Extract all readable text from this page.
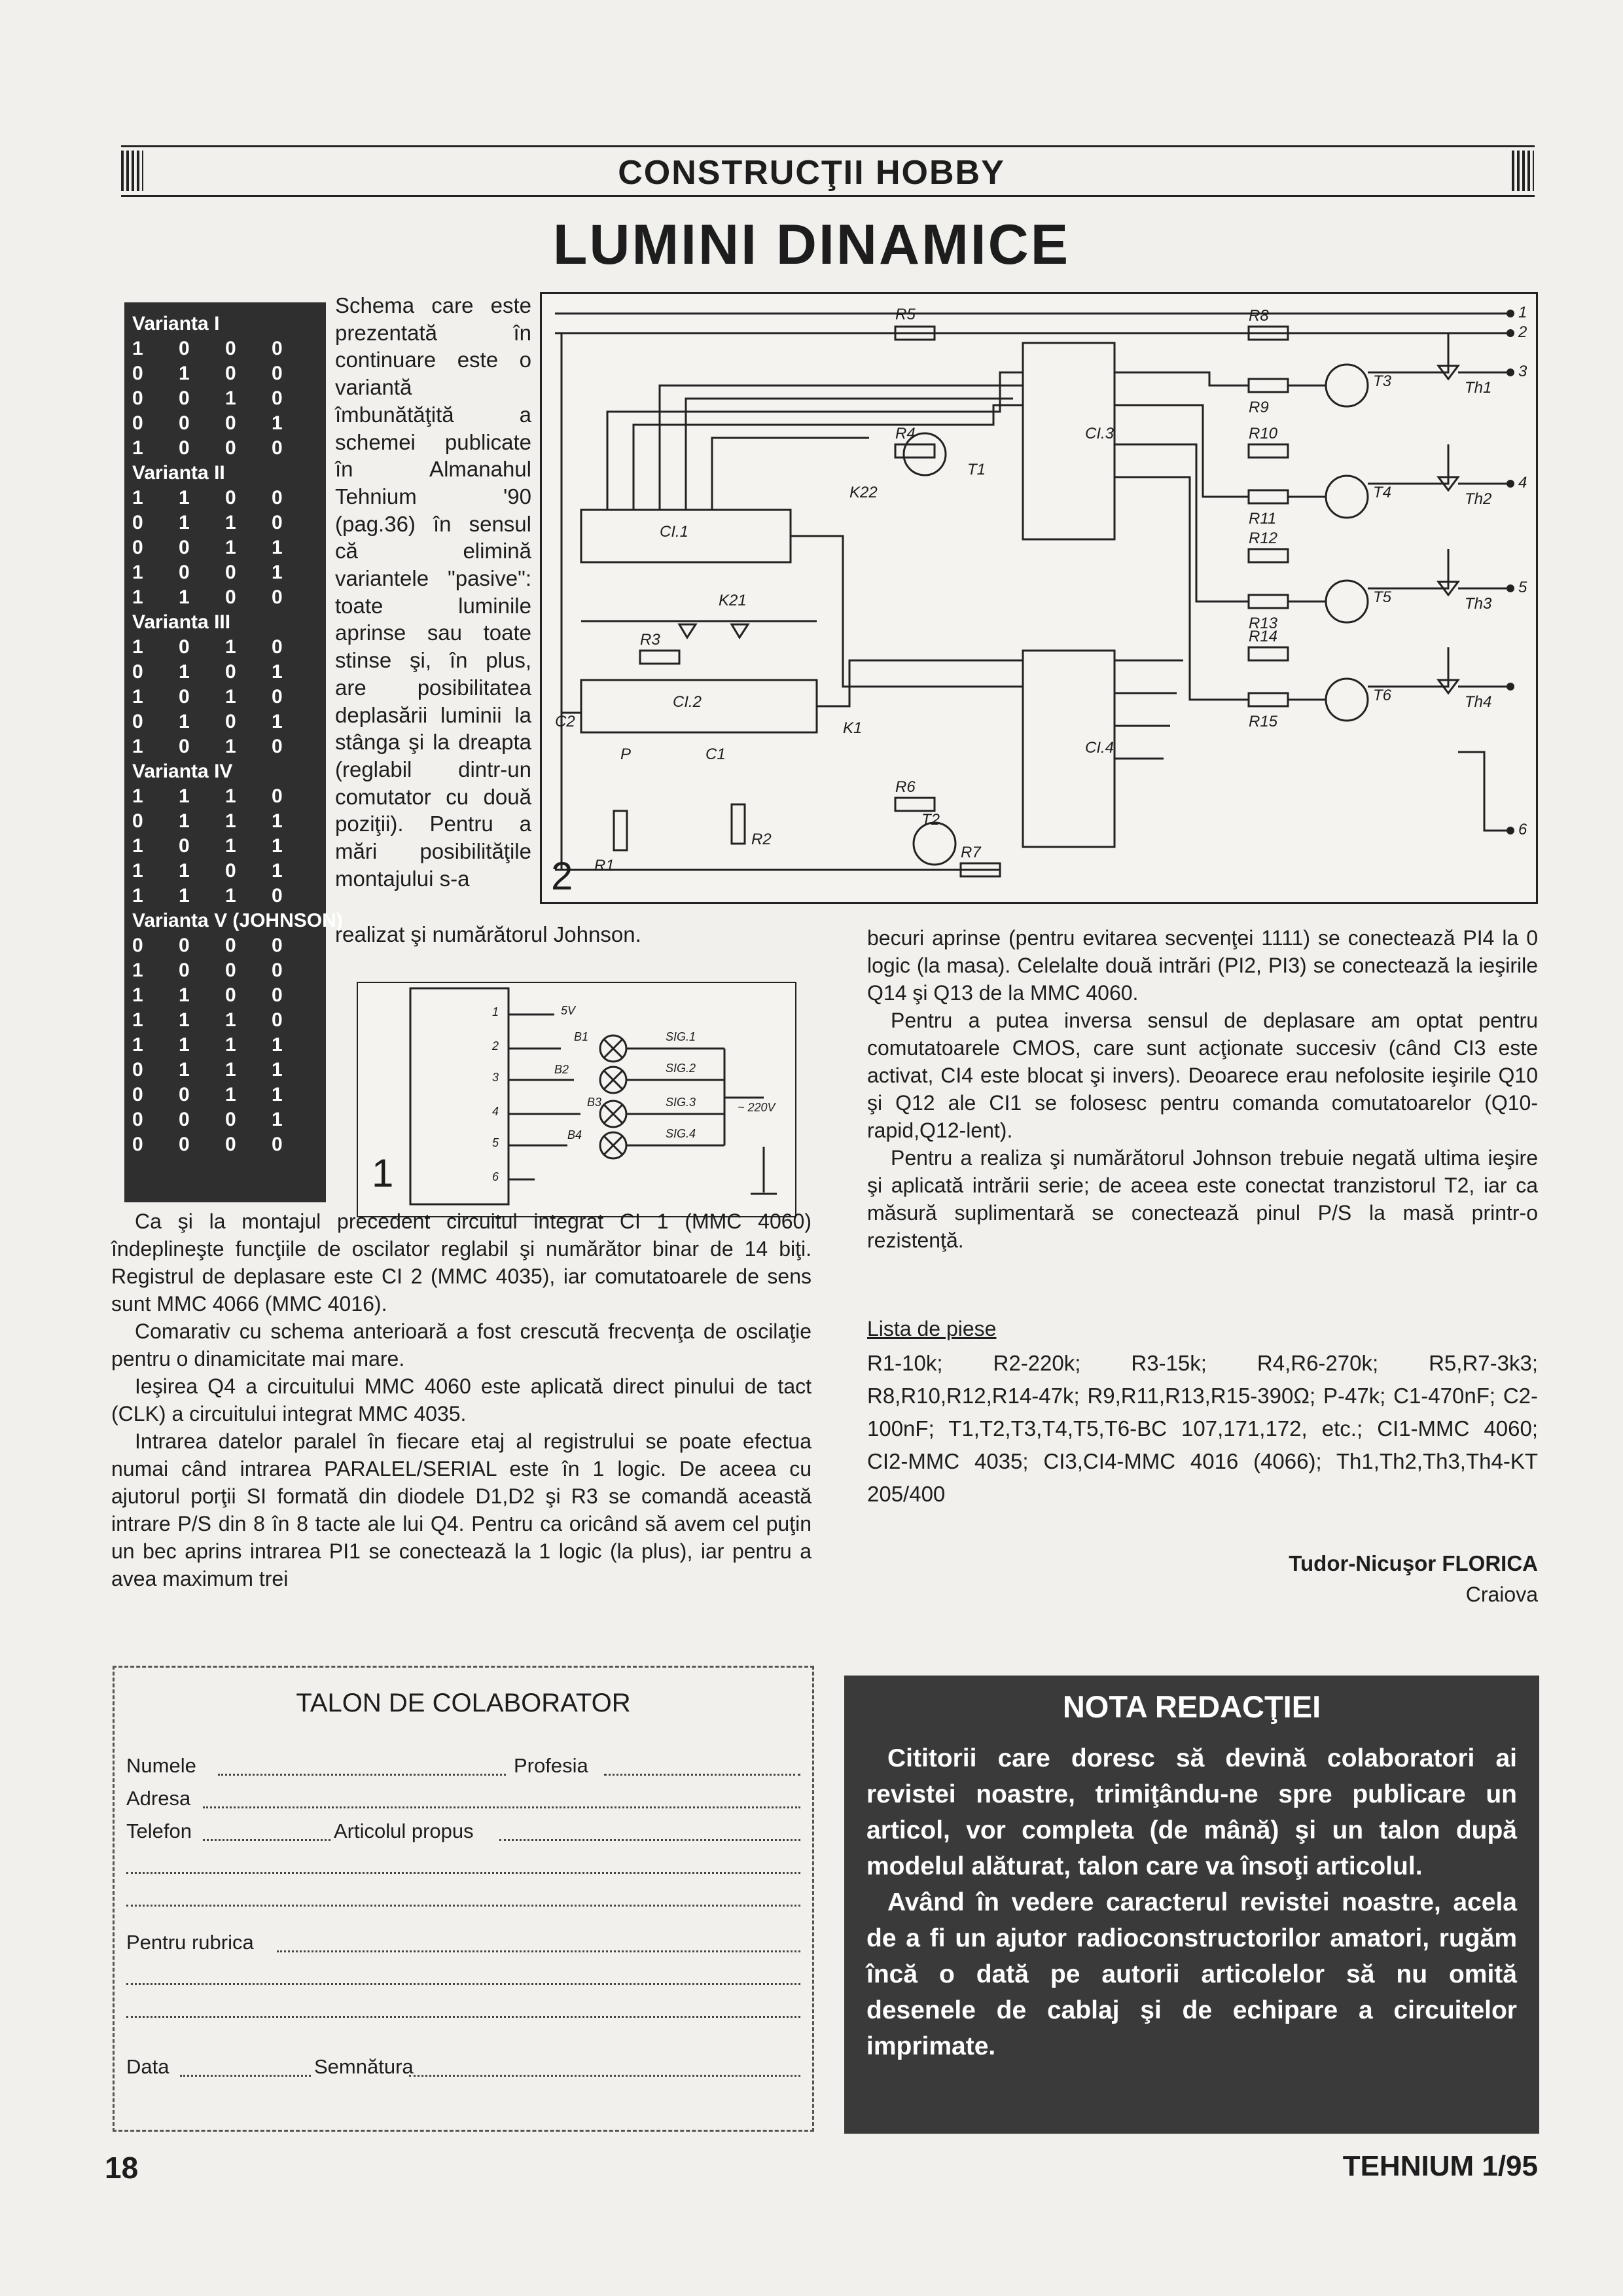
CONSTRUCŢII HOBBY
LUMINI DINAMICE
Varianta I
1	0	0	0
0	1	0	0
0	0	1	0
0	0	0	1
1	0	0	0
Varianta II
1	1	0	0
0	1	1	0
0	0	1	1
1	0	0	1
1	1	0	0
Varianta III
1	0	1	0
0	1	0	1
1	0	1	0
0	1	0	1
1	0	1	0
Varianta IV
1	1	1	0
0	1	1	1
1	0	1	1
1	1	0	1
1	1	1	0
Varianta V (JOHNSON)
0	0	0	0
1	0	0	0
1	1	0	0
1	1	1	0
1	1	1	1
0	1	1	1
0	0	1	1
0	0	0	1
0	0	0	0
Schema care este prezentată în continuare este o variantă îmbunătăţită a schemei publicate în Almanahul Tehnium '90 (pag.36) în sensul că elimină variantele "pasive": toate luminile aprinse sau toate stinse şi, în plus, are posibilitatea deplasării luminii la stânga şi la dreapta (reglabil dintr-un comutator cu două poziţii). Pentru a mări posibilităţile montajului s-a
realizat şi numărătorul Johnson.
R5
R4
R3
R6
R7
R8
R9
R10
R11
R12
R13
R14
R15
R1
R2
T1
T2
T3
T4
T5
T6
Th1
Th2
Th3
Th4
CI.1
CI.2
CI.3
CI.4
C1
C2
K21
K22
K1
P
1
2
3
4
5
6
2
5V
B1
B2
B3
B4
SIG.1
SIG.2
SIG.3
SIG.4
~ 220V
1
2
3
4
5
6
1

Ca şi la montajul precedent circuitul integrat CI 1 (MMC 4060) îndeplineşte funcţiile de oscilator reglabil şi numărător binar de 14 biţi. Registrul de deplasare este CI 2 (MMC 4035), iar comutatoarele de sens sunt MMC 4066 (MMC 4016).

Comarativ cu schema anterioară a fost crescută frecvenţa de oscilaţie pentru o dinamicitate mai mare.

Ieşirea Q4 a circuitului MMC 4060 este aplicată direct pinului de tact (CLK) a circuitului integrat MMC 4035.

Intrarea datelor paralel în fiecare etaj al registrului se poate efectua numai când intrarea PARALEL/SERIAL este în 1 logic. De aceea cu ajutorul porţii SI formată din diodele D1,D2 şi R3 se comandă această intrare P/S din 8 în 8 tacte ale lui Q4. Pentru ca oricând să avem cel puţin un bec aprins intrarea PI1 se conectează la 1 logic (la plus), iar pentru a avea maximum trei

becuri aprinse (pentru evitarea secvenţei 1111) se conectează PI4 la 0 logic (la masa). Celelalte două intrări (PI2, PI3) se conectează la ieşirile Q14 şi Q13 de la MMC 4060.

Pentru a putea inversa sensul de deplasare am optat pentru comutatoarele CMOS, care sunt acţionate succesiv (când CI3 este activat, CI4 este blocat şi invers). Deoarece erau nefolosite ieşirile Q10 şi Q12 ale CI1 se folosesc pentru comanda comutatoarelor (Q10-rapid,Q12-lent).

Pentru a realiza şi numărătorul Johnson trebuie negată ultima ieşire şi aplicată intrării serie; de aceea este conectat tranzistorul T2, iar ca măsură suplimentară se conectează pinul P/S la masă printr-o rezistenţă.

Lista de piese
R1-10k; R2-220k; R3-15k; R4,R6-270k; R5,R7-3k3; R8,R10,R12,R14-47k; R9,R11,R13,R15-390Ω; P-47k; C1-470nF; C2-100nF; T1,T2,T3,T4,T5,T6-BC 107,171,172, etc.; CI1-MMC 4060; CI2-MMC 4035; CI3,CI4-MMC 4016 (4066); Th1,Th2,Th3,Th4-KT 205/400
Tudor-Nicuşor FLORICA
Craiova
TALON DE COLABORATOR
Numele	Profesia
Adresa
Telefon	Articolul propus
Pentru rubrica
Data	Semnătura
NOTA REDACŢIEI

Cititorii care doresc să devină colaboratori ai revistei noastre, trimiţându-ne spre publicare un articol, vor completa (de mână) şi un talon după modelul alăturat, talon care va însoţi articolul.

Având în vedere caracterul revistei noastre, acela de a fi un ajutor radioconstructorilor amatori, rugăm încă o dată pe autorii articolelor să nu omită desenele de cablaj şi de echipare a circuitelor imprimate.

18	TEHNIUM 1/95
